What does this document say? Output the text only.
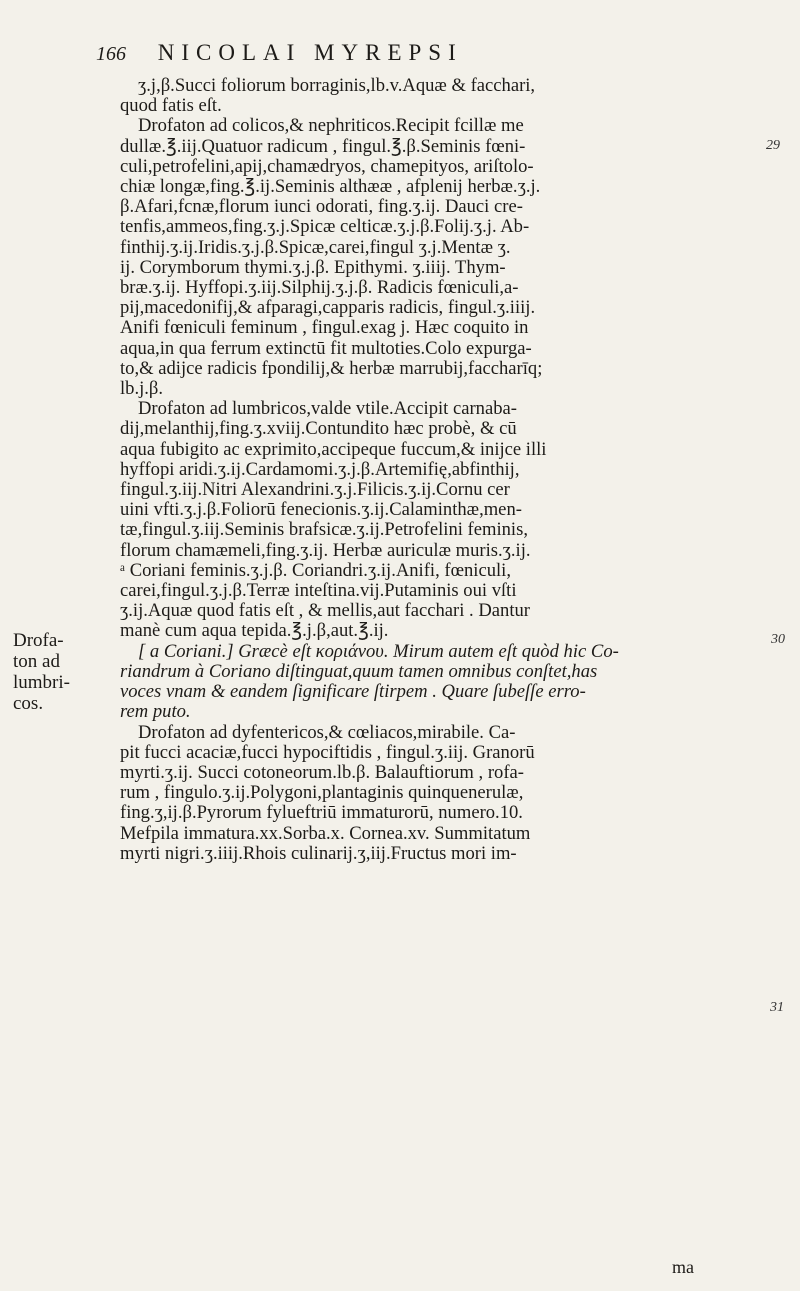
166 NICOLAI MYREPSI
Drofa-
ton ad
lumbri-
cos.
29
30
31
ʒ.j,β.Succi foliorum borraginis,lb.v.Aquæ & facchari,
quod fatis eſt.
Drofaton ad colicos,& nephriticos.Recipit fcillæ me
dullæ.℥.iij.Quatuor radicum , fingul.℥.β.Seminis fœni-
culi,petrofelini,apij,chamædryos, chamepityos, ariſtolo-
chiæ longæ,fing.℥.ij.Seminis althææ , afplenij herbæ.ʒ.j.
β.Afari,fcnæ,florum iunci odorati, fing.ʒ.ij. Dauci cre-
tenfis,ammeos,fing.ʒ.j.Spicæ celticæ.ʒ.j.β.Folij.ʒ.j. Ab-
finthij.ʒ.ij.Iridis.ʒ.j.β.Spicæ,carei,fingul ʒ.j.Mentæ ʒ.
ij. Corymborum thymi.ʒ.j.β. Epithymi. ʒ.iiij. Thym-
bræ.ʒ.ij. Hyffopi.ʒ.iij.Silphij.ʒ.j.β. Radicis fœniculi,a-
pij,macedonifij,& afparagi,capparis radicis, fingul.ʒ.iiij.
Anifi fœniculi feminum , fingul.exag j. Hæc coquito in
aqua,in qua ferrum extinctū fit multoties.Colo expurga-
to,& adijce radicis fpondilij,& herbæ marrubij,faccharīq;
lb.j.β.
Drofaton ad lumbricos,valde vtile.Accipit carnaba-
dij,melanthij,fing.ʒ.xviij.Contundito hæc probè, & cū
aqua fubigito ac exprimito,accipeque fuccum,& inijce illi
hyffopi aridi.ʒ.ij.Cardamomi.ʒ.j.β.Artemifię,abfinthij,
fingul.ʒ.iij.Nitri Alexandrini.ʒ.j.Filicis.ʒ.ij.Cornu cer
uini vfti.ʒ.j.β.Foliorū fenecionis.ʒ.ij.Calaminthæ,men-
tæ,fingul.ʒ.iij.Seminis brafsicæ.ʒ.ij.Petrofelini feminis,
florum chamæmeli,fing.ʒ.ij. Herbæ auriculæ muris.ʒ.ij.
ᵃ Coriani feminis.ʒ.j.β. Coriandri.ʒ.ij.Anifi, fœniculi,
carei,fingul.ʒ.j.β.Terræ inteſtina.vij.Putaminis oui vſti
ʒ.ij.Aquæ quod fatis eſt , & mellis,aut facchari . Dantur
manè cum aqua tepida.℥.j.β,aut.℥.ij.
[ a Coriani.] Græcè eſt κοριάνου. Mirum autem eſt quòd hic Co-
riandrum à Coriano diſtinguat,quum tamen omnibus conſtet,has
voces vnam & eandem ſignificare ſtirpem . Quare ſubeſſe erro-
rem puto.
Drofaton ad dyfentericos,& cœliacos,mirabile. Ca-
pit fucci acaciæ,fucci hypociftidis , fingul.ʒ.iij. Granorū
myrti.ʒ.ij. Succi cotoneorum.lb.β. Balauftiorum , rofa-
rum , fingulo.ʒ.ij.Polygoni,plantaginis quinquenerulæ,
fing.ʒ,ij.β.Pyrorum fylueftriū immaturorū, numero.10.
Mefpila immatura.xx.Sorba.x. Cornea.xv. Summitatum
myrti nigri.ʒ.iiij.Rhois culinarij.ʒ,iij.Fructus mori im-
ma
